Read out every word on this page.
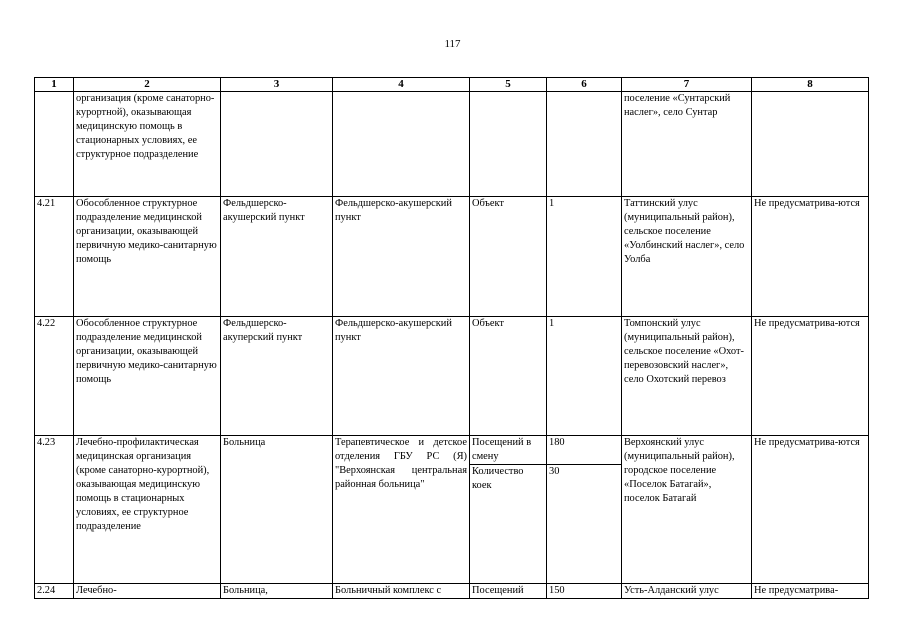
117
1	2	3	4	5	6	7	8
	организация (кроме санаторно-курортной), оказывающая медицинскую помощь в стационарных условиях, ее структурное подразделение					поселение «Сунтарский наслег», село Сунтар	
4.21	Обособленное структурное подразделение медицинской организации, оказывающей первичную медико-санитарную помощь	Фельдшерско-акушерский пункт	Фельдшерско-акушерский пункт	Объект	1	Таттинский улус (муниципальный район), сельское поселение «Уолбинский наслег», село Уолба	Не предусматрива-ются
4.22	Обособленное структурное подразделение медицинской организации, оказывающей первичную медико-санитарную помощь	Фельдшерско-акуперский пункт	Фельдшерско-акушерский пункт	Объект	1	Томпонский улус (муниципальный район), сельское поселение «Охот-перевозовский наслег», село Охотский перевоз	Не предусматрива-ются
4.23	Лечебно-профилактическая медицинская организация (кроме санаторно-курортной), оказывающая медицинскую помощь в стационарных условиях, ее структурное подразделение	Больница	Терапевтическое и детское отделения ГБУ РС (Я) "Верхоянская центральная районная больница"	Посещений в смену	180	Верхоянский улус (муниципальный район), городское поселение «Поселок Батагай», поселок Батагай	Не предусматрива-ются
				Количество коек	30		
2.24	Лечебно-	Больница,	Больничный комплекс с	Посещений	150	Усть-Алданский улус	Не предусматрива-
